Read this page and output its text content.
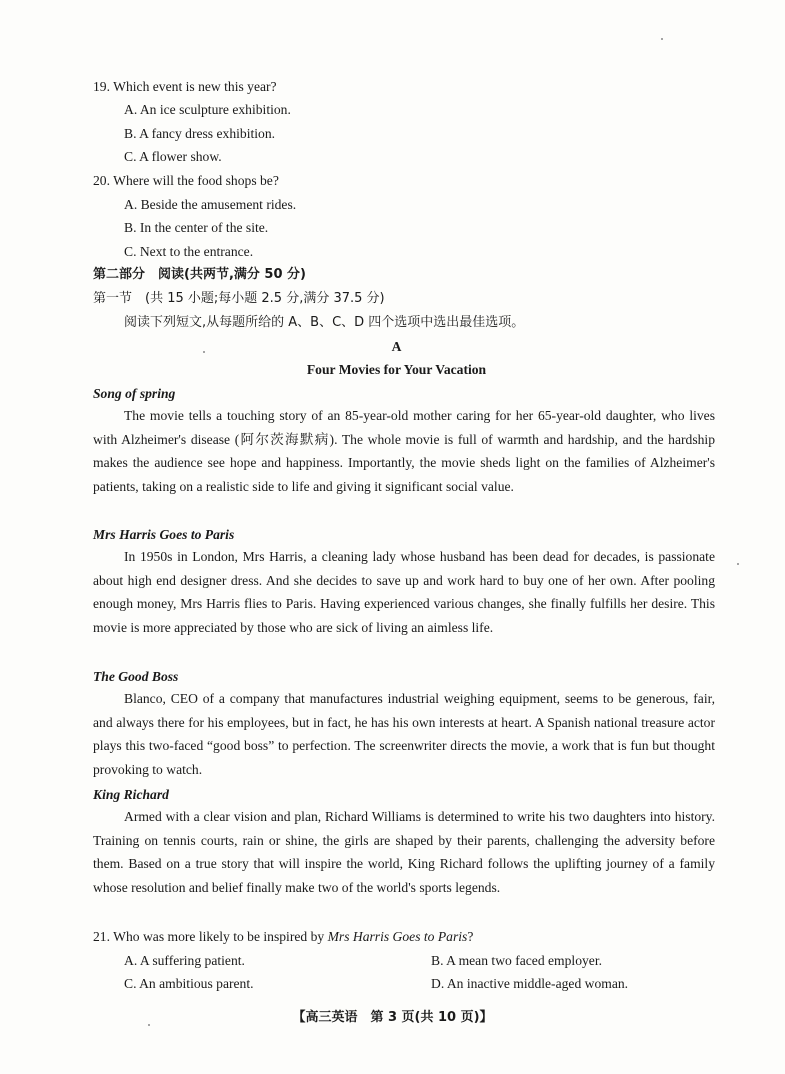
19. Which event is new this year?
A. An ice sculpture exhibition.
B. A fancy dress exhibition.
C. A flower show.
20. Where will the food shops be?
A. Beside the amusement rides.
B. In the center of the site.
C. Next to the entrance.
第二部分　阅读(共两节,满分 50 分)
第一节　(共 15 小题;每小题 2.5 分,满分 37.5 分)
阅读下列短文,从每题所给的 A、B、C、D 四个选项中选出最佳选项。
A
Four Movies for Your Vacation
Song of spring
The movie tells a touching story of an 85-year-old mother caring for her 65-year-old daughter, who lives with Alzheimer's disease (阿尔茨海默病). The whole movie is full of warmth and hardship, and the hardship makes the audience see hope and happiness. Importantly, the movie sheds light on the families of Alzheimer's patients, taking on a realistic side to life and giving it significant social value.
Mrs Harris Goes to Paris
In 1950s in London, Mrs Harris, a cleaning lady whose husband has been dead for decades, is passionate about high end designer dress. And she decides to save up and work hard to buy one of her own. After pooling enough money, Mrs Harris flies to Paris. Having experienced various changes, she finally fulfills her desire. This movie is more appreciated by those who are sick of living an aimless life.
The Good Boss
Blanco, CEO of a company that manufactures industrial weighing equipment, seems to be generous, fair, and always there for his employees, but in fact, he has his own interests at heart. A Spanish national treasure actor plays this two-faced “good boss” to perfection. The screenwriter directs the movie, a work that is fun but thought provoking to watch.
King Richard
Armed with a clear vision and plan, Richard Williams is determined to write his two daughters into history. Training on tennis courts, rain or shine, the girls are shaped by their parents, challenging the adversity before them. Based on a true story that will inspire the world, King Richard follows the uplifting journey of a family whose resolution and belief finally make two of the world's sports legends.
21. Who was more likely to be inspired by Mrs Harris Goes to Paris?
A. A suffering patient.	B. A mean two faced employer.
C. An ambitious parent.	D. An inactive middle-aged woman.
【高三英语　第 3 页(共 10 页)】
